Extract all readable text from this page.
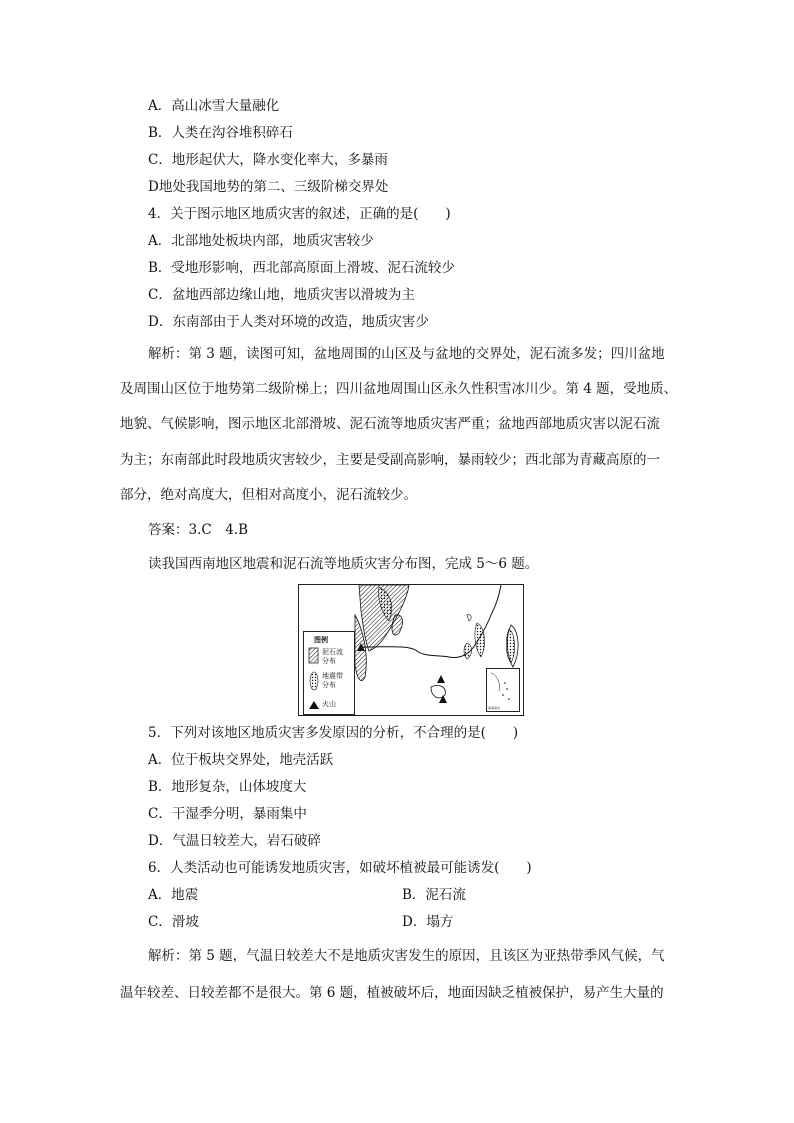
A．高山冰雪大量融化
B．人类在沟谷堆积碎石
C．地形起伏大，降水变化率大，多暴雨
D地处我国地势的第二、三级阶梯交界处
4．关于图示地区地质灾害的叙述，正确的是(　　)
A．北部地处板块内部，地质灾害较少
B．受地形影响，西北部高原面上滑坡、泥石流较少
C．盆地西部边缘山地，地质灾害以滑坡为主
D．东南部由于人类对环境的改造，地质灾害少
解析：第 3 题，读图可知，盆地周围的山区及与盆地的交界处，泥石流多发；四川盆地
及周围山区位于地势第二级阶梯上；四川盆地周围山区永久性积雪冰川少。第 4 题，受地质、
地貌、气候影响，图示地区北部滑坡、泥石流等地质灾害严重；盆地西部地质灾害以泥石流
为主；东南部此时段地质灾害较少，主要是受副高影响，暴雨较少；西北部为青藏高原的一
部分，绝对高度大，但相对高度小，泥石流较少。
答案：3.C　4.B
读我国西南地区地震和泥石流等地质灾害分布图，完成 5～6 题。
图例
泥石流分布
地震带分布
火山	南海诸岛
5．下列对该地区地质灾害多发原因的分析，不合理的是(　　)
A．位于板块交界处，地壳活跃
B．地形复杂，山体坡度大
C．干湿季分明，暴雨集中
D．气温日较差大，岩石破碎
6．人类活动也可能诱发地质灾害，如破坏植被最可能诱发(　　)
A．地震	B．泥石流
C．滑坡	D．塌方
解析：第 5 题，气温日较差大不是地质灾害发生的原因，且该区为亚热带季风气候，气
温年较差、日较差都不是很大。第 6 题，植被破坏后，地面因缺乏植被保护，易产生大量的
